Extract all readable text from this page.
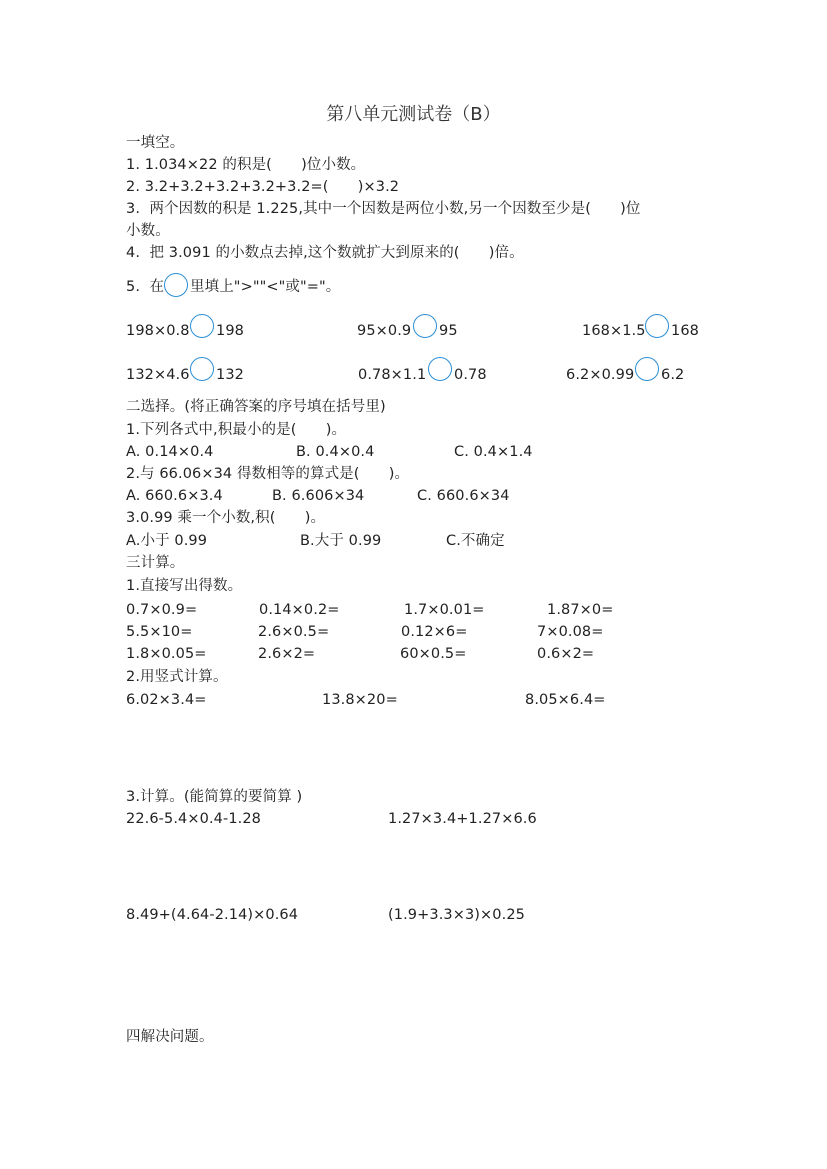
第八单元测试卷（B）
一填空。
1. 1.034×22 的积是(　　)位小数。
2. 3.2+3.2+3.2+3.2+3.2=(　　)×3.2
3.  两个因数的积是 1.225,其中一个因数是两位小数,另一个因数至少是(　　)位
小数。
4.  把 3.091 的小数点去掉,这个数就扩大到原来的(　　)倍。
5.  在 里填上">""<"或"="。
198×0.8 198	95×0.9 95	168×1.5 168
132×4.6 132	0.78×1.1 0.78	6.2×0.99 6.2
二选择。(将正确答案的序号填在括号里)
1.下列各式中,积最小的是(　　)。
A. 0.14×0.4	B. 0.4×0.4	C. 0.4×1.4
2.与 66.06×34 得数相等的算式是(　　)。
A. 660.6×3.4	B. 6.606×34	C. 660.6×34
3.0.99 乘一个小数,积(　　)。
A.小于 0.99	B.大于 0.99	C.不确定
三计算。
1.直接写出得数。
0.7×0.9=	0.14×0.2=	1.7×0.01=	1.87×0=
5.5×10=	2.6×0.5=	0.12×6=	7×0.08=
1.8×0.05=	2.6×2=	60×0.5=	0.6×2=
2.用竖式计算。
6.02×3.4=	13.8×20=	8.05×6.4=
3.计算。(能简算的要简算 )
22.6-5.4×0.4-1.28	1.27×3.4+1.27×6.6
8.49+(4.64-2.14)×0.64	(1.9+3.3×3)×0.25
四解决问题。
